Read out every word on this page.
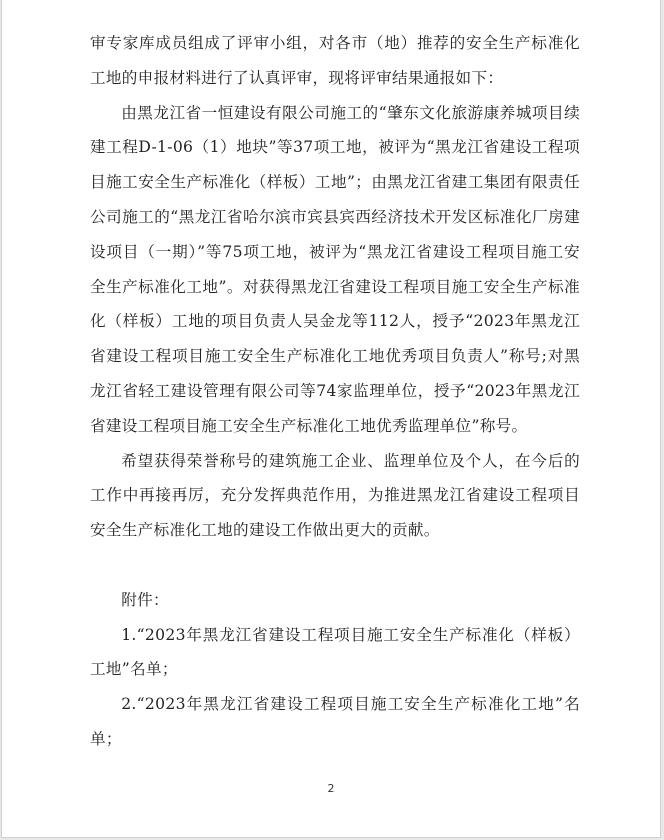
审专家库成员组成了评审小组，对各市（地）推荐的安全生产标准化工地的申报材料进行了认真评审，现将评审结果通报如下：

由黑龙江省一恒建设有限公司施工的“肇东文化旅游康养城项目续建工程D-1-06（1）地块”等37项工地，被评为“黑龙江省建设工程项目施工安全生产标准化（样板）工地”；由黑龙江省建工集团有限责任公司施工的“黑龙江省哈尔滨市宾县宾西经济技术开发区标准化厂房建设项目（一期）”等75项工地，被评为“黑龙江省建设工程项目施工安全生产标准化工地”。对获得黑龙江省建设工程项目施工安全生产标准化（样板）工地的项目负责人吴金龙等112人，授予“2023年黑龙江省建设工程项目施工安全生产标准化工地优秀项目负责人”称号;对黑龙江省轻工建设管理有限公司等74家监理单位，授予“2023年黑龙江省建设工程项目施工安全生产标准化工地优秀监理单位”称号。

希望获得荣誉称号的建筑施工企业、监理单位及个人，在今后的工作中再接再厉，充分发挥典范作用，为推进黑龙江省建设工程项目安全生产标准化工地的建设工作做出更大的贡献。

附件：

1.“2023年黑龙江省建设工程项目施工安全生产标准化（样板）工地”名单；

2.“2023年黑龙江省建设工程项目施工安全生产标准化工地”名单；

2
